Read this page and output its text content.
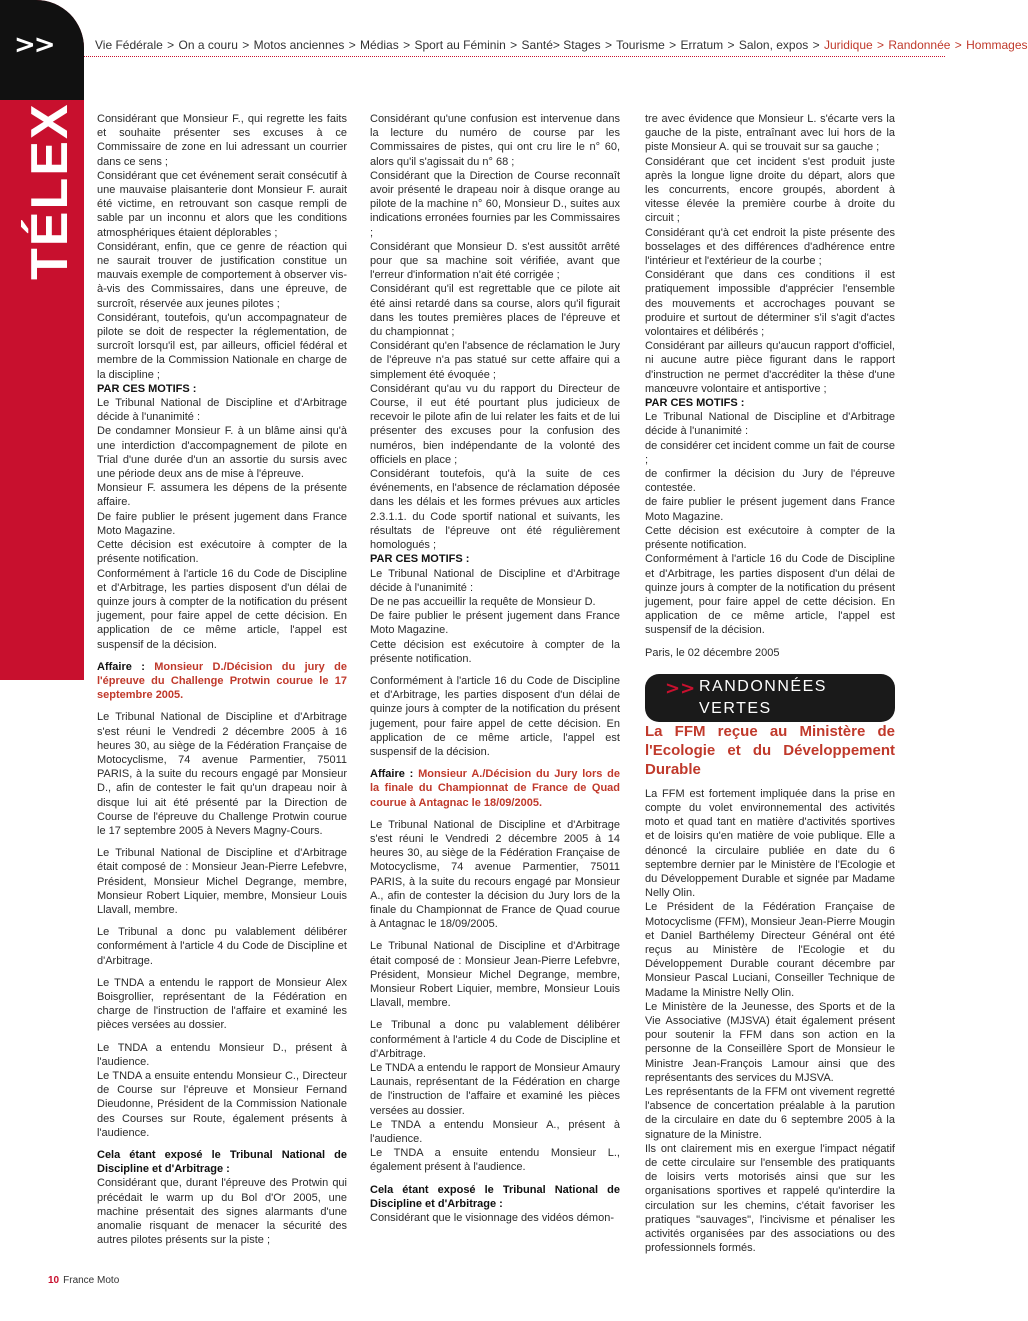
>>
TÉLEX
Vie Fédérale > On a couru > Motos anciennes > Médias > Sport au Féminin > Santé> Stages > Tourisme > Erratum > Salon, expos > Juridique > Randonnée > Hommages

Considérant que Monsieur F., qui regrette les faits et souhaite présenter ses excuses à ce Commissaire de zone en lui adressant un courrier dans ce sens ;

Considérant que cet événement serait consécutif à une mauvaise plaisanterie dont Monsieur F. aurait été victime, en retrouvant son casque rempli de sable par un inconnu et alors que les conditions atmosphériques étaient déplorables ;

Considérant, enfin, que ce genre de réaction qui ne saurait trouver de justification constitue un mauvais exemple de comportement à observer vis-à-vis des Commissaires, dans une épreuve, de surcroît, réservée aux jeunes pilotes ;

Considérant, toutefois, qu'un accompagnateur de pilote se doit de respecter la réglementation, de surcroît lorsqu'il est, par ailleurs, officiel fédéral et membre de la Commission Nationale en charge de la discipline ;

PAR CES MOTIFS :

Le Tribunal National de Discipline et d'Arbitrage décide à l'unanimité :

De condamner Monsieur F. à un blâme ainsi qu'à une interdiction d'accompagnement de pilote en Trial d'une durée d'un an assortie du sursis avec une période deux ans de mise à l'épreuve.

Monsieur F. assumera les dépens de la présente affaire.

De faire publier le présent jugement dans France Moto Magazine.

Cette décision est exécutoire à compter de la présente notification.

Conformément à l'article 16 du Code de Discipline et d'Arbitrage, les parties disposent d'un délai de quinze jours à compter de la notification du présent jugement, pour faire appel de cette décision. En application de ce même article, l'appel est suspensif de la décision.

Affaire : Monsieur D./Décision du jury de l'épreuve du Challenge Protwin courue le 17 septembre 2005.

Le Tribunal National de Discipline et d'Arbitrage s'est réuni le Vendredi 2 décembre 2005 à 16 heures 30, au siège de la Fédération Française de Motocyclisme, 74 avenue Parmentier, 75011 PARIS, à la suite du recours engagé par Monsieur D., afin de contester le fait qu'un drapeau noir à disque lui ait été présenté par la Direction de Course de l'épreuve du Challenge Protwin courue le 17 septembre 2005 à Nevers Magny-Cours.

Le Tribunal National de Discipline et d'Arbitrage était composé de : Monsieur Jean-Pierre Lefebvre, Président, Monsieur Michel Degrange, membre, Monsieur Robert Liquier, membre, Monsieur Louis Llavall, membre.

Le Tribunal a donc pu valablement délibérer conformément à l'article 4 du Code de Discipline et d'Arbitrage.

Le TNDA a entendu le rapport de Monsieur Alex Boisgrollier, représentant de la Fédération en charge de l'instruction de l'affaire et examiné les pièces versées au dossier.

Le TNDA a entendu Monsieur D., présent à l'audience.

Le TNDA a ensuite entendu Monsieur C., Directeur de Course sur l'épreuve et Monsieur Fernand Dieudonne, Président de la Commission Nationale des Courses sur Route, également présents à l'audience.

Cela étant exposé le Tribunal National de Discipline et d'Arbitrage :

Considérant que, durant l'épreuve des Protwin qui précédait le warm up du Bol d'Or 2005, une machine présentait des signes alarmants d'une anomalie risquant de menacer la sécurité des autres pilotes présents sur la piste ;

Considérant qu'une confusion est intervenue dans la lecture du numéro de course par les Commissaires de pistes, qui ont cru lire le n° 60, alors qu'il s'agissait du n° 68 ;

Considérant que la Direction de Course reconnaît avoir présenté le drapeau noir à disque orange au pilote de la machine n° 60, Monsieur D., suites aux indications erronées fournies par les Commissaires ;

Considérant que Monsieur D. s'est aussitôt arrêté pour que sa machine soit vérifiée, avant que l'erreur d'information n'ait été corrigée ;

Considérant qu'il est regrettable que ce pilote ait été ainsi retardé dans sa course, alors qu'il figurait dans les toutes premières places de l'épreuve et du championnat ;

Considérant qu'en l'absence de réclamation le Jury de l'épreuve n'a pas statué sur cette affaire qui a simplement été évoquée ;

Considérant qu'au vu du rapport du Directeur de Course, il eut été pourtant plus judicieux de recevoir le pilote afin de lui relater les faits et de lui présenter des excuses pour la confusion des numéros, bien indépendante de la volonté des officiels en place ;

Considérant toutefois, qu'à la suite de ces événements, en l'absence de réclamation déposée dans les délais et les formes prévues aux articles 2.3.1.1. du Code sportif national et suivants, les résultats de l'épreuve ont été régulièrement homologués ;

PAR CES MOTIFS :

Le Tribunal National de Discipline et d'Arbitrage décide à l'unanimité :

De ne pas accueillir la requête de Monsieur D.

De faire publier le présent jugement dans France Moto Magazine.

Cette décision est exécutoire à compter de la présente notification.

Conformément à l'article 16 du Code de Discipline et d'Arbitrage, les parties disposent d'un délai de quinze jours à compter de la notification du présent jugement, pour faire appel de cette décision. En application de ce même article, l'appel est suspensif de la décision.

Affaire : Monsieur A./Décision du Jury lors de la finale du Championnat de France de Quad courue à Antagnac le 18/09/2005.

Le Tribunal National de Discipline et d'Arbitrage s'est réuni le Vendredi 2 décembre 2005 à 14 heures 30, au siège de la Fédération Française de Motocyclisme, 74 avenue Parmentier, 75011 PARIS, à la suite du recours engagé par Monsieur A., afin de contester la décision du Jury lors de la finale du Championnat de France de Quad courue à Antagnac le 18/09/2005.

Le Tribunal National de Discipline et d'Arbitrage était composé de : Monsieur Jean-Pierre Lefebvre, Président, Monsieur Michel Degrange, membre, Monsieur Robert Liquier, membre, Monsieur Louis Llavall, membre.

Le Tribunal a donc pu valablement délibérer conformément à l'article 4 du Code de Discipline et d'Arbitrage.

Le TNDA a entendu le rapport de Monsieur Amaury Launais, représentant de la Fédération en charge de l'instruction de l'affaire et examiné les pièces versées au dossier.

Le TNDA a entendu Monsieur A., présent à l'audience.

Le TNDA a ensuite entendu Monsieur L., également présent à l'audience.

Cela étant exposé le Tribunal National de Discipline et d'Arbitrage :

Considérant que le visionnage des vidéos démon-

tre avec évidence que Monsieur L. s'écarte vers la gauche de la piste, entraînant avec lui hors de la piste Monsieur A. qui se trouvait sur sa gauche ;

Considérant que cet incident s'est produit juste après la longue ligne droite du départ, alors que les concurrents, encore groupés, abordent à vitesse élevée la première courbe à droite du circuit ;

Considérant qu'à cet endroit la piste présente des bosselages et des différences d'adhérence entre l'intérieur et l'extérieur de la courbe ;

Considérant que dans ces conditions il est pratiquement impossible d'apprécier l'ensemble des mouvements et accrochages pouvant se produire et surtout de déterminer s'il s'agit d'actes volontaires et délibérés ;

Considérant par ailleurs qu'aucun rapport d'officiel, ni aucune autre pièce figurant dans le rapport d'instruction ne permet d'accréditer la thèse d'une manœuvre volontaire et antisportive ;

PAR CES MOTIFS :

Le Tribunal National de Discipline et d'Arbitrage décide à l'unanimité :

de considérer cet incident comme un fait de course ;

de confirmer la décision du Jury de l'épreuve contestée.

de faire publier le présent jugement dans France Moto Magazine.

Cette décision est exécutoire à compter de la présente notification.

Conformément à l'article 16 du Code de Discipline et d'Arbitrage, les parties disposent d'un délai de quinze jours à compter de la notification du présent jugement, pour faire appel de cette décision. En application de ce même article, l'appel est suspensif de la décision.

Paris, le 02 décembre 2005

>> RANDONNÉES
VERTES

La FFM reçue au Ministère de l'Ecologie et du Développement Durable

La FFM est fortement impliquée dans la prise en compte du volet environnemental des activités moto et quad tant en matière d'activités sportives et de loisirs qu'en matière de voie publique. Elle a dénoncé la circulaire publiée en date du 6 septembre dernier par le Ministère de l'Ecologie et du Développement Durable et signée par Madame Nelly Olin.

Le Président de la Fédération Française de Motocyclisme (FFM), Monsieur Jean-Pierre Mougin et Daniel Barthélemy Directeur Général ont été reçus au Ministère de l'Ecologie et du Développement Durable courant décembre par Monsieur Pascal Luciani, Conseiller Technique de Madame la Ministre Nelly Olin.

Le Ministère de la Jeunesse, des Sports et de la Vie Associative (MJSVA) était également présent pour soutenir la FFM dans son action en la personne de la Conseillère Sport de Monsieur le Ministre Jean-François Lamour ainsi que des représentants des services du MJSVA.

Les représentants de la FFM ont vivement regretté l'absence de concertation préalable à la parution de la circulaire en date du 6 septembre 2005 à la signature de la Ministre.

Ils ont clairement mis en exergue l'impact négatif de cette circulaire sur l'ensemble des pratiquants de loisirs verts motorisés ainsi que sur les organisations sportives et rappelé qu'interdire la circulation sur les chemins, c'était favoriser les pratiques "sauvages", l'incivisme et pénaliser les activités organisées par des associations ou des professionnels formés.

10 France Moto
